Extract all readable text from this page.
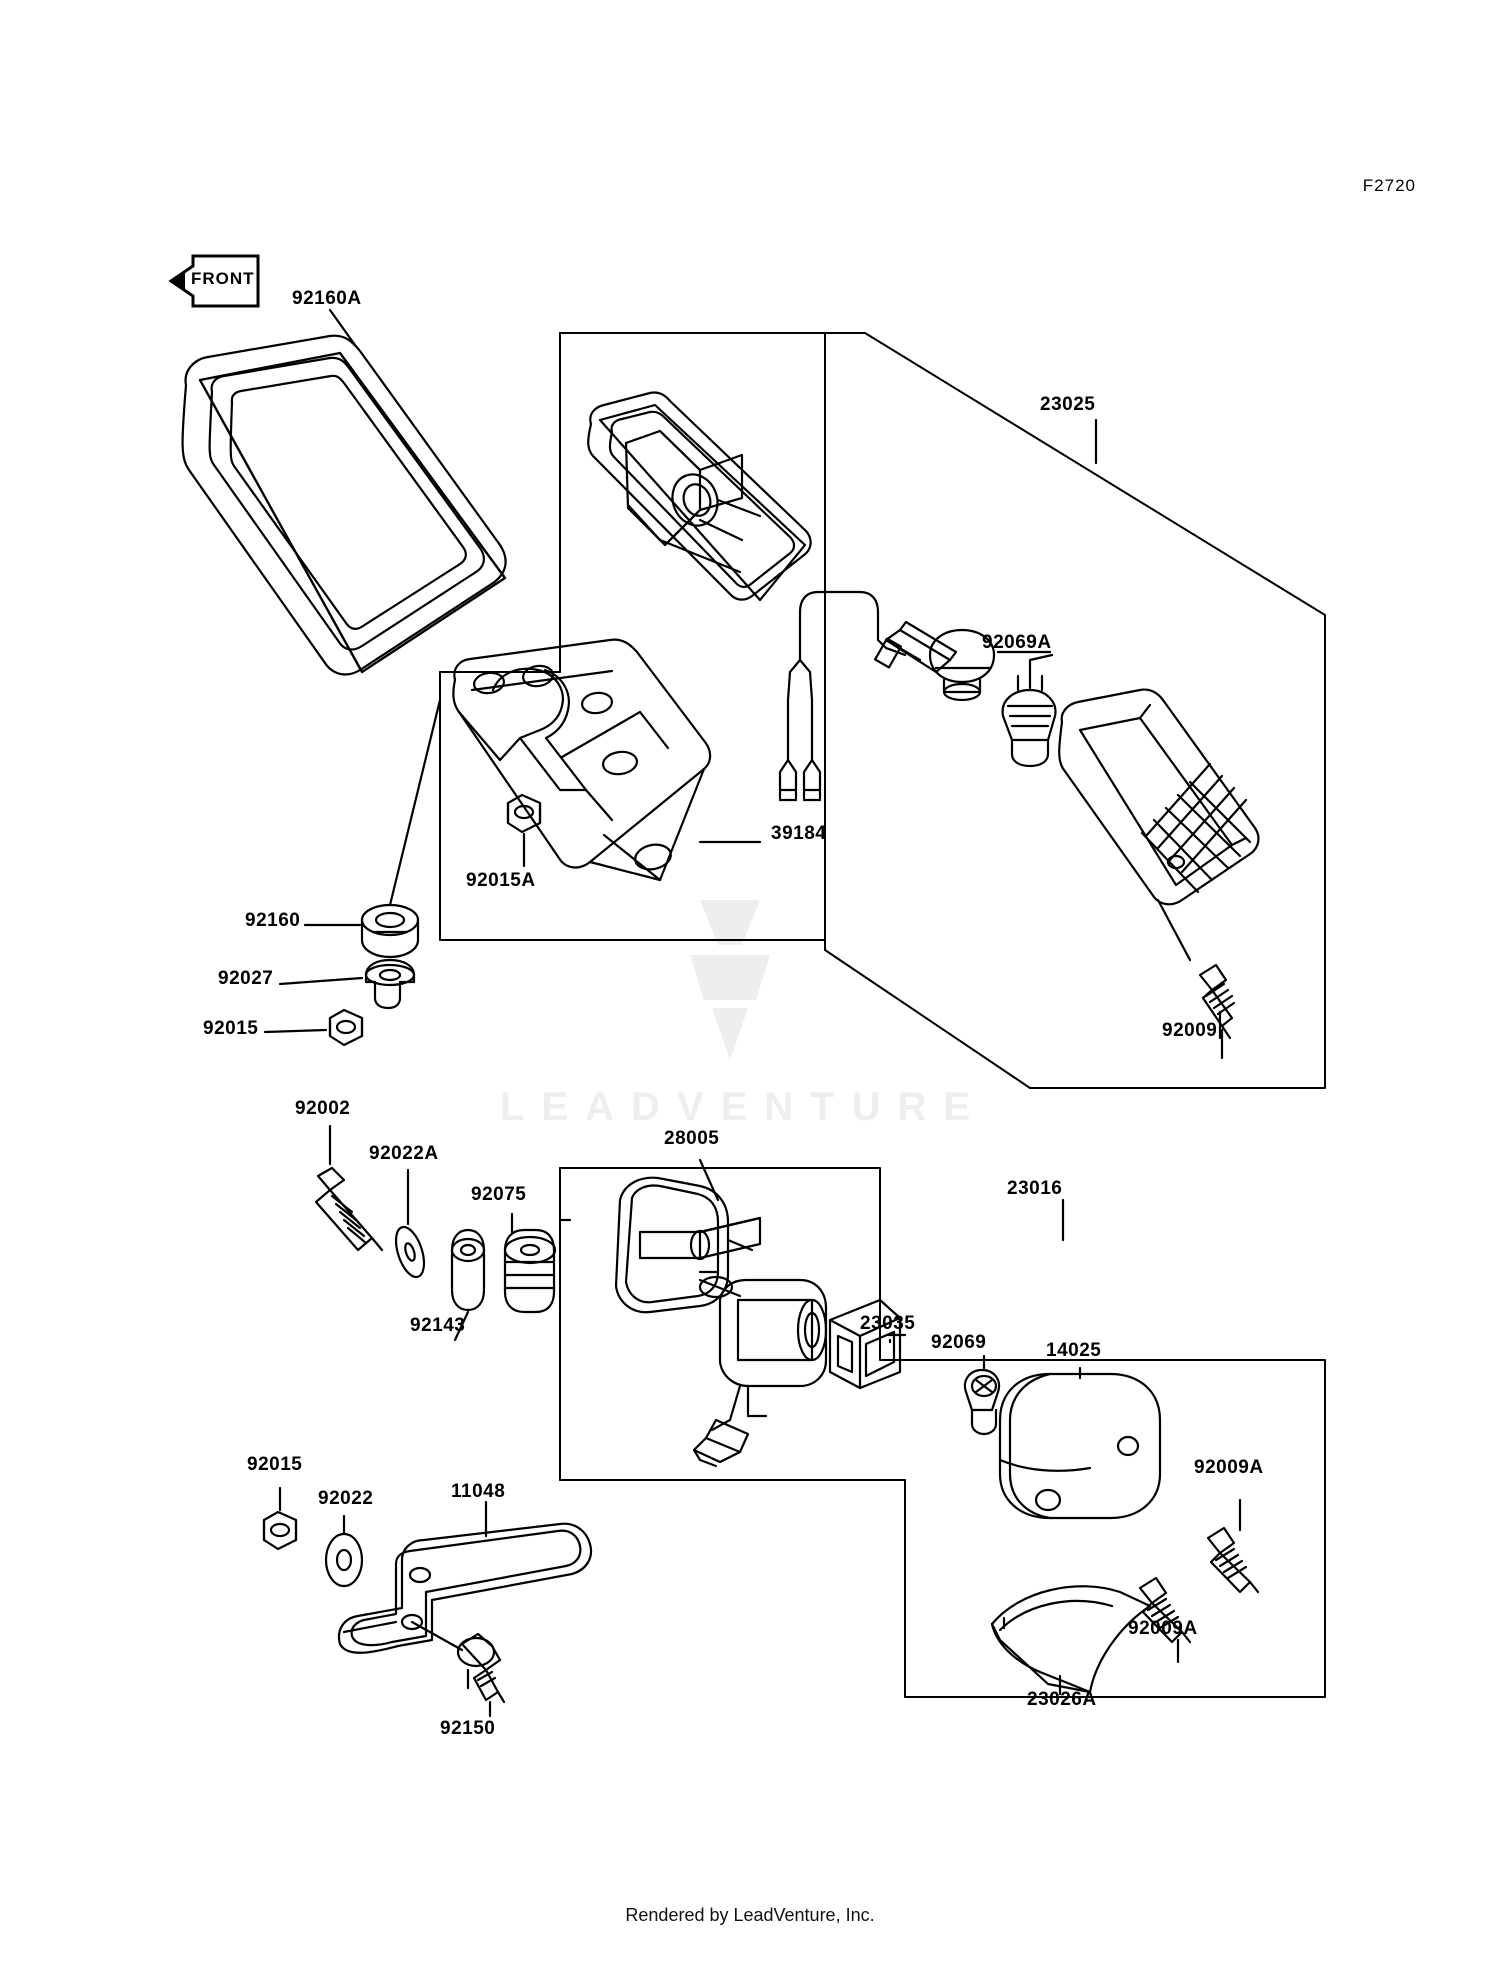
LEADVENTURE
F2720
FRONT
92160A
23025
92069A
39184
92015A
92160
92027
92015	92009
92002
92022A
28005
23016
92075
23035
92143
92069	14025
92015	92009A
92022	11048
92009A
23026A
92150
Rendered by LeadVenture, Inc.
